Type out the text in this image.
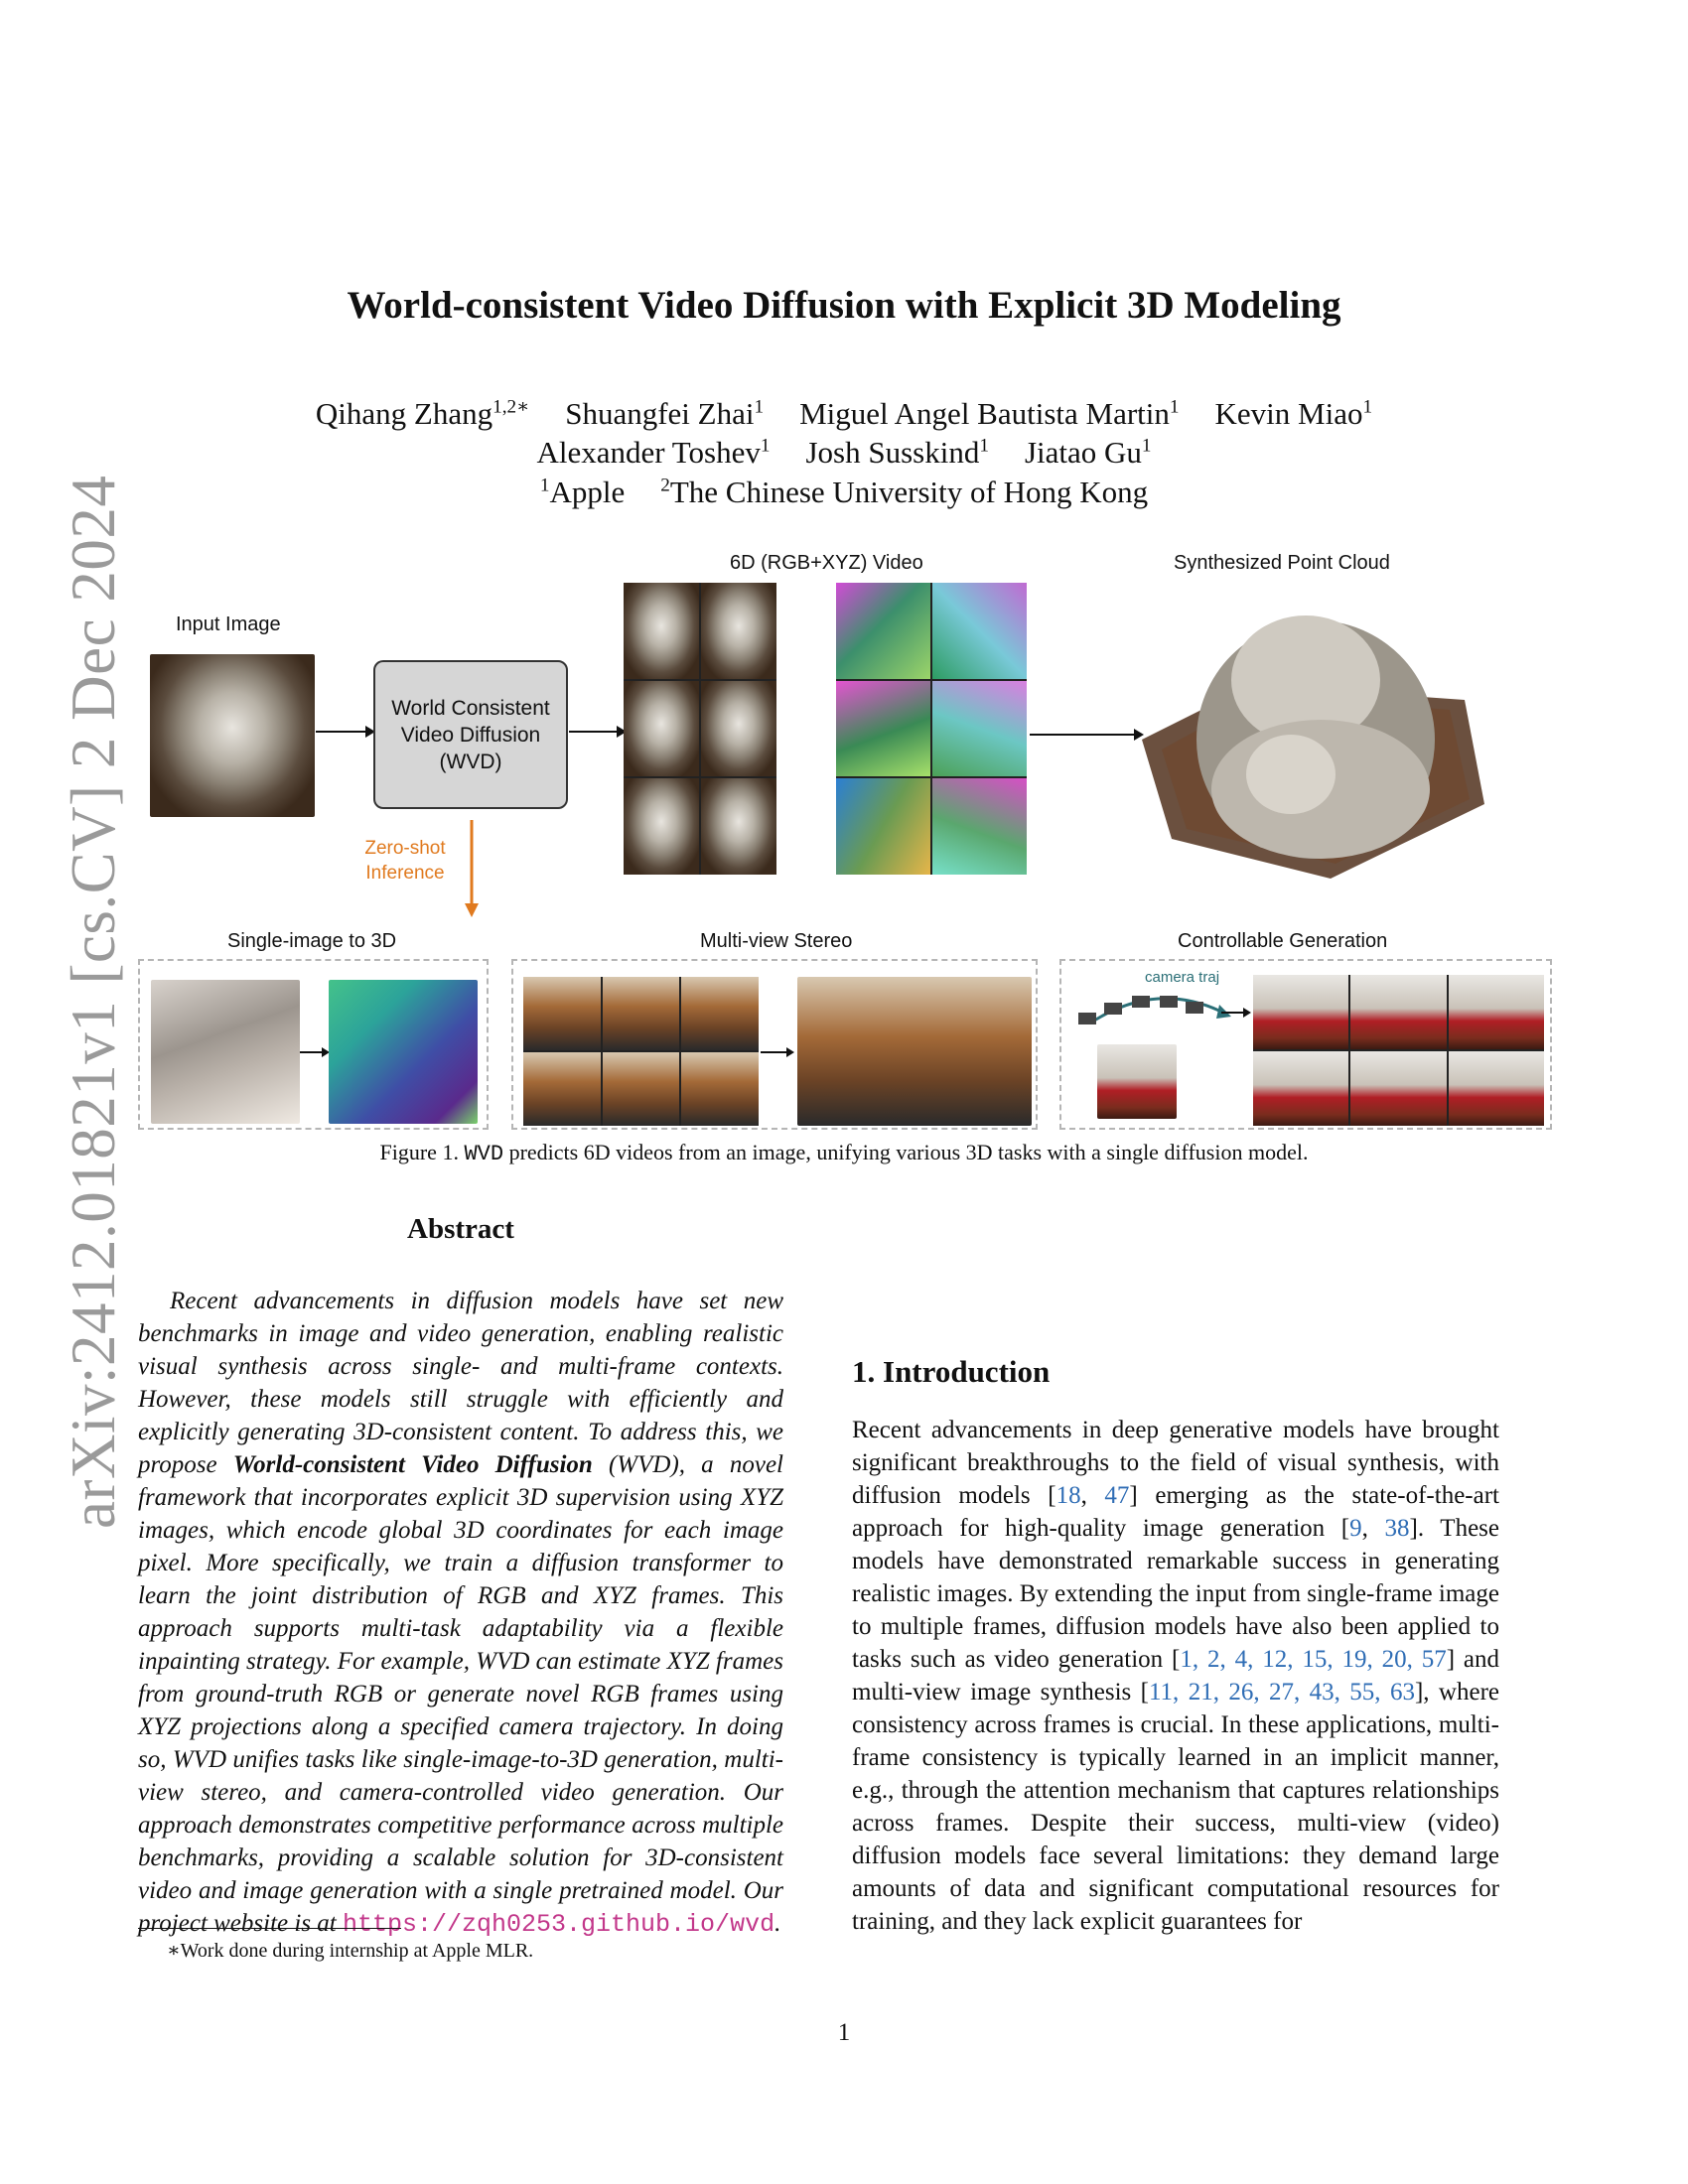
arXiv:2412.01821v1 [cs.CV] 2 Dec 2024
World-consistent Video Diffusion with Explicit 3D Modeling
Qihang Zhang$^{1,2∗}$ Shuangfei Zhai$^1$ Miguel Angel Bautista Martin$^1$ Kevin Miao$^1$
Alexander Toshev$^1$ Josh Susskind$^1$ Jiatao Gu$^1$
$^1$Apple $^2$The Chinese University of Hong Kong
Input Image
World Consistent
Video Diffusion
(WVD)
6D (RGB+XYZ) Video	Synthesized Point Cloud
Zero-shot
Inference
Single-image to 3D	Multi-view Stereo	Controllable Generation
camera traj
Figure 1. WVD predicts 6D videos from an image, unifying various 3D tasks with a single diffusion model.
Abstract
Recent advancements in diffusion models have set new benchmarks in image and video generation, enabling realistic visual synthesis across single- and multi-frame contexts. However, these models still struggle with efficiently and explicitly generating 3D-consistent content. To address this, we propose World-consistent Video Diffusion (WVD), a novel framework that incorporates explicit 3D supervision using XYZ images, which encode global 3D coordinates for each image pixel. More specifically, we train a diffusion transformer to learn the joint distribution of RGB and XYZ frames. This approach supports multi-task adaptability via a flexible inpainting strategy. For example, WVD can estimate XYZ frames from ground-truth RGB or generate novel RGB frames using XYZ projections along a specified camera trajectory. In doing so, WVD unifies tasks like single-image-to-3D generation, multi-view stereo, and camera-controlled video generation. Our approach demonstrates competitive performance across multiple benchmarks, providing a scalable solution for 3D-consistent video and image generation with a single pretrained model. Our project website is at https://zqh0253.github.io/wvd.
∗Work done during internship at Apple MLR.
1. Introduction
Recent advancements in deep generative models have brought significant breakthroughs to the field of visual synthesis, with diffusion models [18, 47] emerging as the state-of-the-art approach for high-quality image generation [9, 38]. These models have demonstrated remarkable success in generating realistic images. By extending the input from single-frame image to multiple frames, diffusion models have also been applied to tasks such as video generation [1, 2, 4, 12, 15, 19, 20, 57] and multi-view image synthesis [11, 21, 26, 27, 43, 55, 63], where consistency across frames is crucial. In these applications, multi-frame consistency is typically learned in an implicit manner, e.g., through the attention mechanism that captures relationships across frames. Despite their success, multi-view (video) diffusion models face several limitations: they demand large amounts of data and significant computational resources for training, and they lack explicit guarantees for
1
